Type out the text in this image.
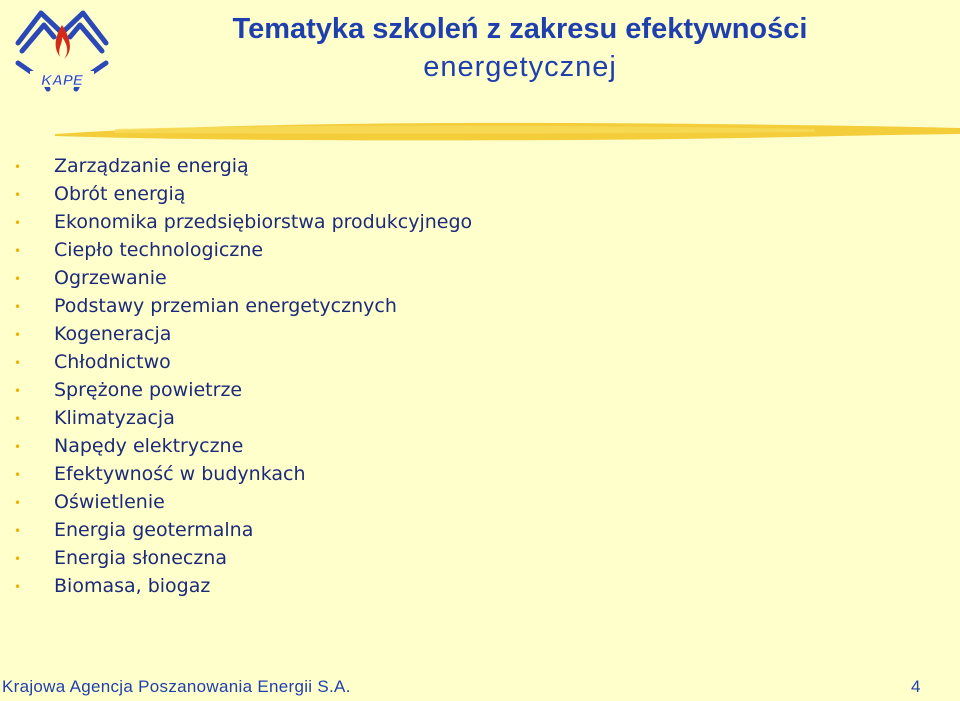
KAPE
Tematyka szkoleń z zakresu efektywności
energetycznej
• Zarządzanie energią
• Obrót energią
• Ekonomika przedsiębiorstwa produkcyjnego
• Ciepło technologiczne
• Ogrzewanie
• Podstawy przemian energetycznych
• Kogeneracja
• Chłodnictwo
• Sprężone powietrze
• Klimatyzacja
• Napędy elektryczne
• Efektywność w budynkach
• Oświetlenie
• Energia geotermalna
• Energia słoneczna
• Biomasa, biogaz
Krajowa Agencja Poszanowania Energii S.A.	4
